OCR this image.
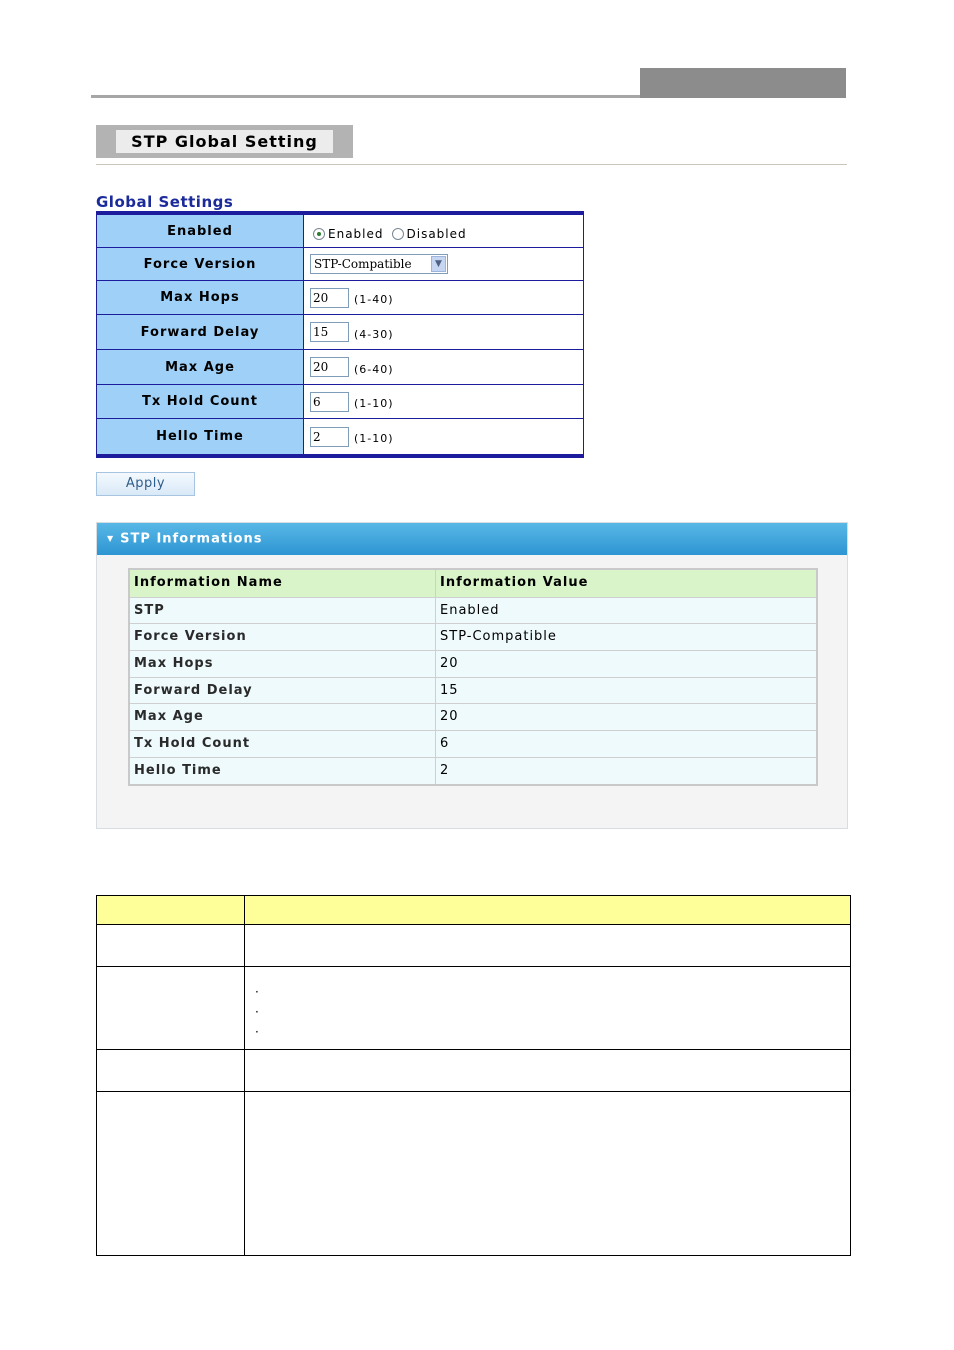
STP Global Setting
Global Settings
Enabled	Enabled Disabled
Force Version	STP-Compatible	▼
Max Hops	20	(1-40)
Forward Delay	15	(4-30)
Max Age	20	(6-40)
Tx Hold Count	6	(1-10)
Hello Time	2	(1-10)
Apply
▼ STP Informations
Information Name	Information Value
STP	Enabled
Force Version	STP-Compatible
Max Hops	20
Forward Delay	15
Max Age	20
Tx Hold Count	6
Hello Time	2
·
·
·
